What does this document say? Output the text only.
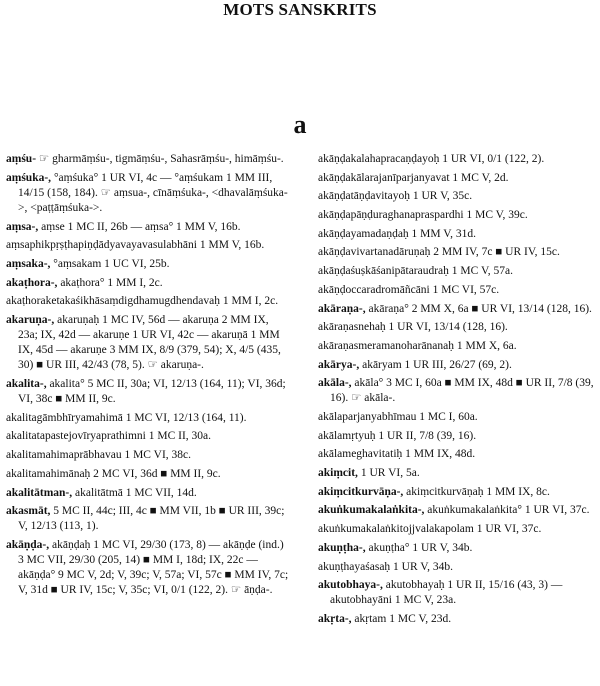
MOTS SANSKRITS
a
aṃśu- ☞ gharmāṃśu-, tigmāṃśu-, Sahasrāṃśu-, himāṃśu-.
aṃśuka-, °aṃśuka° 1 UR VI, 4c — °aṃśukam 1 MM III, 14/15 (158, 184). ☞ aṃsua-, cīnāṃśuka-, <dhavalāṃśuka->, <paṭṭāṃśuka->.
aṃsa-, aṃse 1 MC II, 26b — aṃsa° 1 MM V, 16b.
aṃsaphikpṛṣṭhapiṇḍādyavayavasulabhāni 1 MM V, 16b.
aṃsaka-, °aṃsakam 1 UC VI, 25b.
akaṭhora-, akaṭhora° 1 MM I, 2c.
akaṭhoraketakaśikhāsaṃdigdhamugdhendavaḥ 1 MM I, 2c.
akaruṇa-, akaruṇaḥ 1 MC IV, 56d — akaruṇa 2 MM IX, 23a; IX, 42d — akaruṇe 1 UR VI, 42c — akaruṇā 1 MM IX, 45d — akaruṇe 3 MM IX, 8/9 (379, 54); X, 4/5 (435, 30) ■ UR III, 42/43 (78, 5). ☞ akaruṇa-.
akalita-, akalita° 5 MC II, 30a; VI, 12/13 (164, 11); VI, 36d; VI, 38c ■ MM II, 9c.
akalitagāmbhīryamahimā 1 MC VI, 12/13 (164, 11).
akalitatapastejovīryaprathimni 1 MC II, 30a.
akalitamahimaprābhavau 1 MC VI, 38c.
akalitamahimānaḥ 2 MC VI, 36d ■ MM II, 9c.
akalitātman-, akalitātmā 1 MC VII, 14d.
akasmāt, 5 MC II, 44c; III, 4c ■ MM VII, 1b ■ UR III, 39c; V, 12/13 (113, 1).
akāṇḍa-, akāṇḍaḥ 1 MC VI, 29/30 (173, 8) — akāṇḍe (ind.) 3 MC VII, 29/30 (205, 14) ■ MM I, 18d; IX, 22c — akāṇḍa° 9 MC V, 2d; V, 39c; V, 57a; VI, 57c ■ MM IV, 7c; V, 31d ■ UR IV, 15c; V, 35c; VI, 0/1 (122, 2). ☞ āṇḍa-.
akāṇḍakalahapracaṇḍayoḥ 1 UR VI, 0/1 (122, 2).
akāṇḍakālarajanīparjanyavat 1 MC V, 2d.
akāṇḍatāṇḍavitayoḥ 1 UR V, 35c.
akāṇḍapāṇḍuraghanapraspardhi 1 MC V, 39c.
akāṇḍayamadaṇḍaḥ 1 MM V, 31d.
akāṇḍavivartanadāruṇaḥ 2 MM IV, 7c ■ UR IV, 15c.
akāṇḍaśuṣkāśanipātaraudraḥ 1 MC V, 57a.
akāṇḍoccaradromāñcāni 1 MC VI, 57c.
akāraṇa-, akāraṇa° 2 MM X, 6a ■ UR VI, 13/14 (128, 16).
akāraṇasnehaḥ 1 UR VI, 13/14 (128, 16).
akāraṇasmeramanoharānanaḥ 1 MM X, 6a.
akārya-, akāryam 1 UR III, 26/27 (69, 2).
akāla-, akāla° 3 MC I, 60a ■ MM IX, 48d ■ UR II, 7/8 (39, 16). ☞ akāla-.
akālaparjanyabhīmau 1 MC I, 60a.
akālamṛtyuḥ 1 UR II, 7/8 (39, 16).
akālameghavitatiḥ 1 MM IX, 48d.
akiṃcit, 1 UR VI, 5a.
akiṃcitkurvāṇa-, akiṃcitkurvāṇaḥ 1 MM IX, 8c.
akuṅkumakalaṅkita-, akuṅkumakalaṅkita° 1 UR VI, 37c.
akuṅkumakalaṅkitojjvalakapolam 1 UR VI, 37c.
akuṇṭha-, akuṇṭha° 1 UR V, 34b.
akuṇṭhayaśasaḥ 1 UR V, 34b.
akutobhaya-, akutobhayaḥ 1 UR II, 15/16 (43, 3) — akutobhayāni 1 MC V, 23a.
akṛta-, akṛtam 1 MC V, 23d.
